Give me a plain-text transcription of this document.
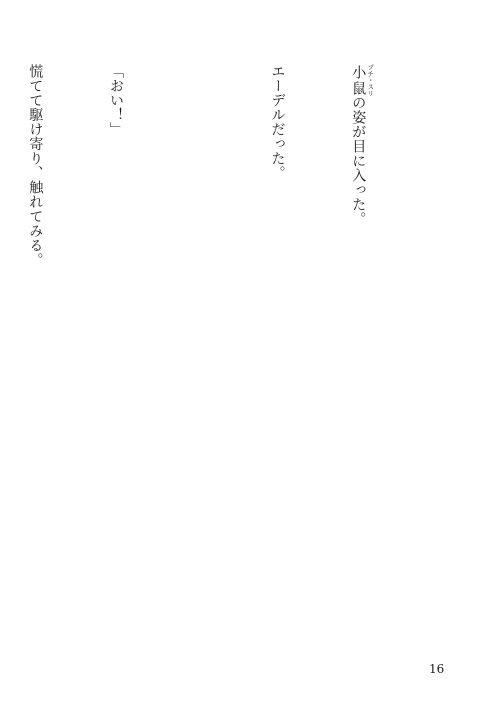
小鼠 プチ・スリの姿が目に入った。

エーデルだった。

「おい！」

慌てて駆け寄り、触れてみる。

16
